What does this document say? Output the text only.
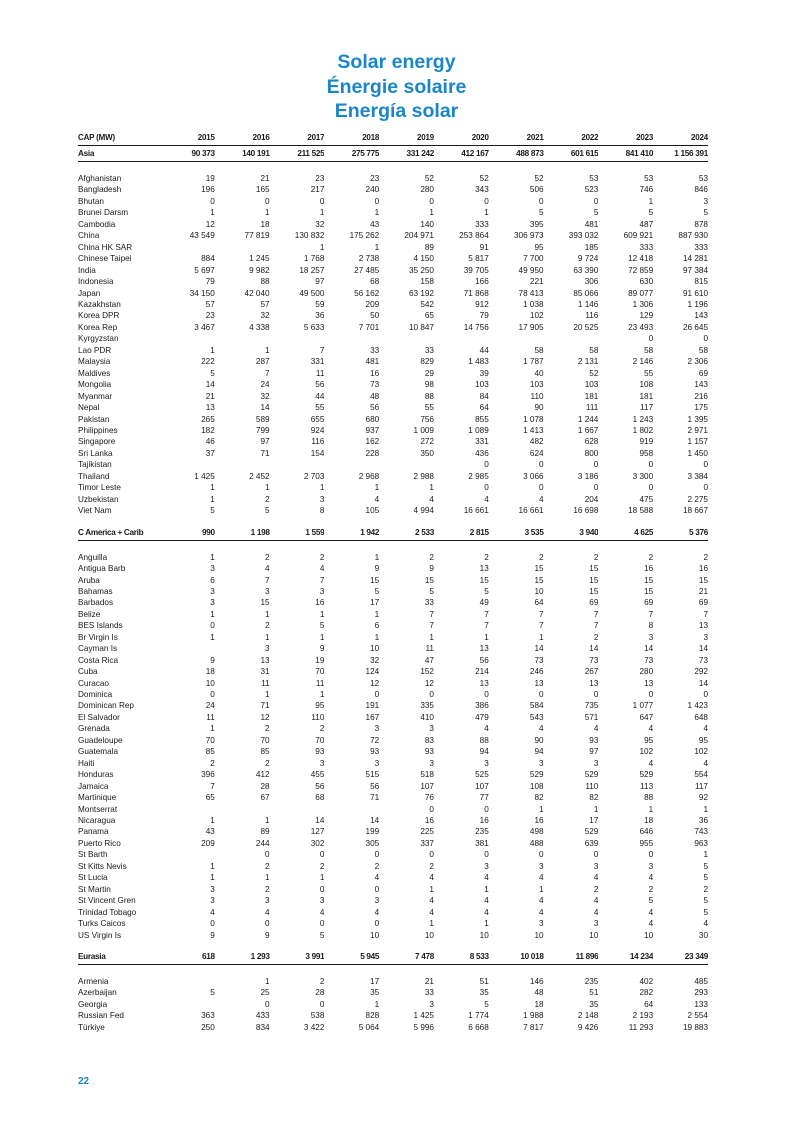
Solar energy
Énergie solaire
Energía solar
CAP (MW)	2015	2016	2017	2018	2019	2020	2021	2022	2023	2024
Asia	90 373	140 191	211 525	275 775	331 242	412 167	488 873	601 615	841 410	1 156 391

Afghanistan	19	21	23	23	52	52	52	53	53	53
Bangladesh	196	165	217	240	280	343	506	523	746	846
Bhutan	0	0	0	0	0	0	0	0	1	3
Brunei Darsm	1	1	1	1	1	1	5	5	5	5
Cambodia	12	18	32	43	140	333	395	481	487	878
China	43 549	77 819	130 832	175 262	204 971	253 864	306 973	393 032	609 921	887 930
China HK SAR			1	1	89	91	95	185	333	333
Chinese Taipei	884	1 245	1 768	2 738	4 150	5 817	7 700	9 724	12 418	14 281
India	5 697	9 982	18 257	27 485	35 250	39 705	49 950	63 390	72 859	97 384
Indonesia	79	88	97	68	158	166	221	306	630	815
Japan	34 150	42 040	49 500	56 162	63 192	71 868	78 413	85 066	89 077	91 610
Kazakhstan	57	57	59	209	542	912	1 038	1 146	1 306	1 196
Korea DPR	23	32	36	50	65	79	102	116	129	143
Korea Rep	3 467	4 338	5 633	7 701	10 847	14 756	17 905	20 525	23 493	26 645
Kyrgyzstan									0	0
Lao PDR	1	1	7	33	33	44	58	58	58	58
Malaysia	222	287	331	481	829	1 483	1 787	2 131	2 146	2 306
Maldives	5	7	11	16	29	39	40	52	55	69
Mongolia	14	24	56	73	98	103	103	103	108	143
Myanmar	21	32	44	48	88	84	110	181	181	216
Nepal	13	14	55	56	55	64	90	111	117	175
Pakistan	265	589	655	680	756	855	1 078	1 244	1 243	1 395
Philippines	182	799	924	937	1 009	1 089	1 413	1 667	1 802	2 971
Singapore	46	97	116	162	272	331	482	628	919	1 157
Sri Lanka	37	71	154	228	350	436	624	800	958	1 450
Tajikistan						0	0	0	0	0
Thailand	1 425	2 452	2 703	2 968	2 988	2 985	3 066	3 186	3 300	3 384
Timor Leste	1	1	1	1	1	0	0	0	0	0
Uzbekistan	1	2	3	4	4	4	4	204	475	2 275
Viet Nam	5	5	8	105	4 994	16 661	16 661	16 698	18 588	18 667

C America + Carib	990	1 198	1 559	1 942	2 533	2 815	3 535	3 940	4 625	5 376

Anguilla	1	2	2	1	2	2	2	2	2	2
Antigua Barb	3	4	4	9	9	13	15	15	16	16
Aruba	6	7	7	15	15	15	15	15	15	15
Bahamas	3	3	3	5	5	5	10	15	15	21
Barbados	3	15	16	17	33	49	64	69	69	69
Belize	1	1	1	1	7	7	7	7	7	7
BES Islands	0	2	5	6	7	7	7	7	8	13
Br Virgin Is	1	1	1	1	1	1	1	2	3	3
Cayman Is		3	9	10	11	13	14	14	14	14
Costa Rica	9	13	19	32	47	56	73	73	73	73
Cuba	18	31	70	124	152	214	246	267	280	292
Curacao	10	11	11	12	12	13	13	13	13	14
Dominica	0	1	1	0	0	0	0	0	0	0
Dominican Rep	24	71	95	191	335	386	584	735	1 077	1 423
El Salvador	11	12	110	167	410	479	543	571	647	648
Grenada	1	2	2	3	3	4	4	4	4	4
Guadeloupe	70	70	70	72	83	88	90	93	95	95
Guatemala	85	85	93	93	93	94	94	97	102	102
Haiti	2	2	3	3	3	3	3	3	4	4
Honduras	396	412	455	515	518	525	529	529	529	554
Jamaica	7	28	56	56	107	107	108	110	113	117
Martinique	65	67	68	71	76	77	82	82	88	92
Montserrat					0	0	1	1	1	1
Nicaragua	1	1	14	14	16	16	16	17	18	36
Panama	43	89	127	199	225	235	498	529	646	743
Puerto Rico	209	244	302	305	337	381	488	639	955	963
St Barth		0	0	0	0	0	0	0	0	1
St Kitts Nevis	1	2	2	2	2	3	3	3	3	5
St Lucia	1	1	1	4	4	4	4	4	4	5
St Martin	3	2	0	0	1	1	1	2	2	2
St Vincent Gren	3	3	3	3	4	4	4	4	5	5
Trinidad Tobago	4	4	4	4	4	4	4	4	4	5
Turks Caicos	0	0	0	0	1	1	3	3	4	4
US Virgin Is	9	9	5	10	10	10	10	10	10	30

Eurasia	618	1 293	3 991	5 945	7 478	8 533	10 018	11 896	14 234	23 349

Armenia		1	2	17	21	51	146	235	402	485
Azerbaijan	5	25	28	35	33	35	48	51	282	293
Georgia		0	0	1	3	5	18	35	64	133
Russian Fed	363	433	538	828	1 425	1 774	1 988	2 148	2 193	2 554
Türkiye	250	834	3 422	5 064	5 996	6 668	7 817	9 426	11 293	19 883
22
